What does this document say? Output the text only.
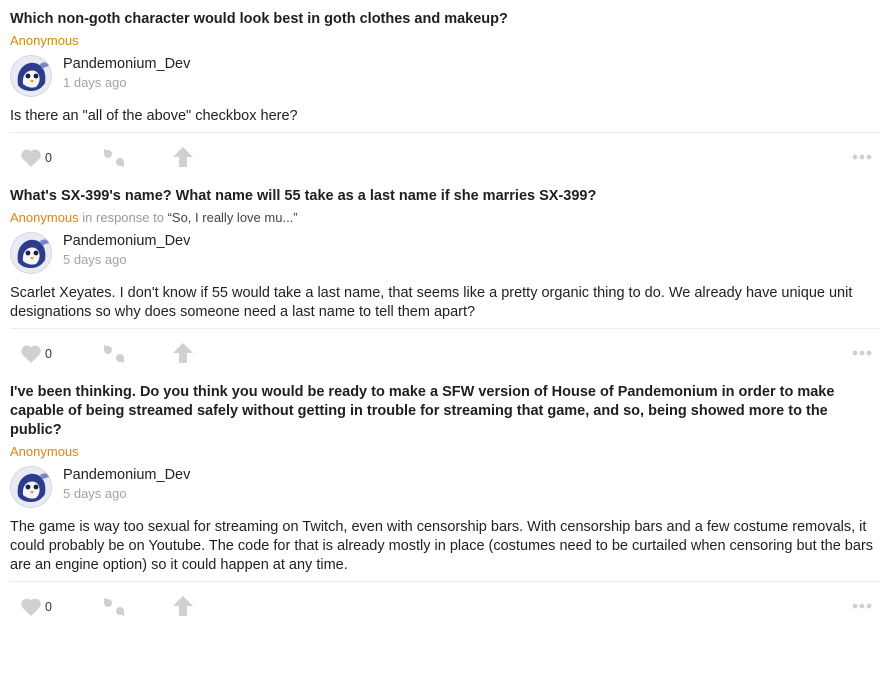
Which non-goth character would look best in goth clothes and makeup?

Anonymous
Pandemonium_Dev
1 days ago

Is there an "all of the above" checkbox here?

0

What's SX-399's name? What name will 55 take as a last name if she marries SX-399?

Anonymous in response to “So, I really love mu...”
Pandemonium_Dev
5 days ago

Scarlet Xeyates. I don't know if 55 would take a last name, that seems like a pretty organic thing to do. We already have unique unit designations so why does someone need a last name to tell them apart?

0

I've been thinking. Do you think you would be ready to make a SFW version of House of Pandemonium in order to make capable of being streamed safely without getting in trouble for streaming that game, and so, being showed more to the public?

Anonymous
Pandemonium_Dev
5 days ago

The game is way too sexual for streaming on Twitch, even with censorship bars. With censorship bars and a few costume removals, it could probably be on Youtube. The code for that is already mostly in place (costumes need to be curtailed when censoring but the bars are an engine option) so it could happen at any time.

0
